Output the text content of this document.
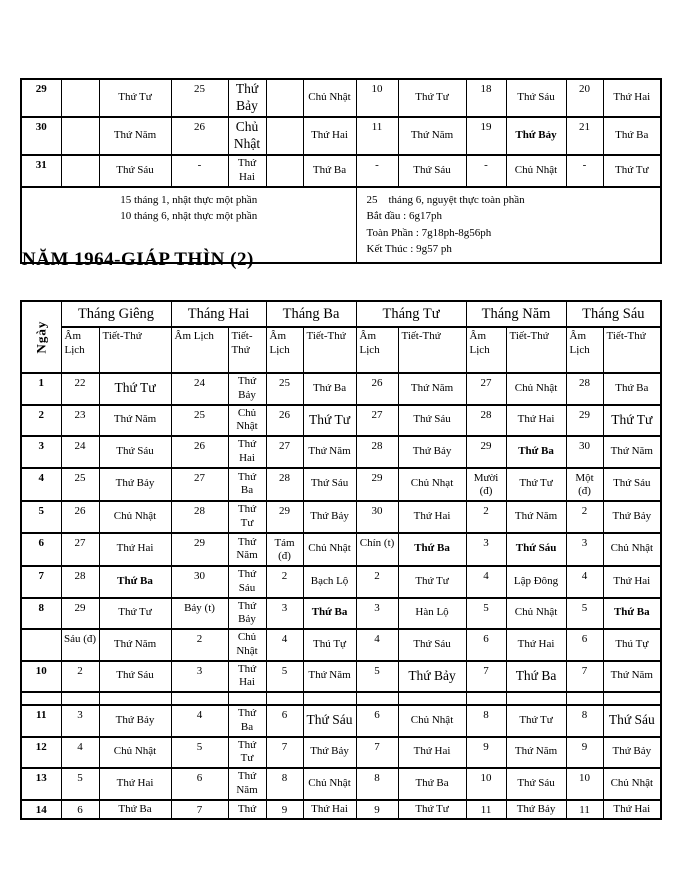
29		Thứ Tư	25	Thứ Bảy		Chủ Nhật	10	Thứ Tư	18	Thứ Sáu	20	Thứ Hai
30		Thứ Năm	26	Chủ Nhật		Thứ Hai	11	Thứ Năm	19	Thứ Bảy	21	Thứ Ba
31		Thứ Sáu	-	Thứ Hai		Thứ Ba	-	Thứ Sáu	-	Chủ Nhật	-	Thứ Tư

15 tháng 1, nhật thực một phần
10 tháng 6, nhật thực một phần

25    tháng 6, nguyệt thực toàn phần
Bắt đầu : 6g17ph
Toàn Phần : 7g18ph-8g56ph
Kết Thúc : 9g57 ph
NĂM 1964-GIÁP THÌN (2)
Ngày	Tháng Giêng		Tháng Hai		Tháng Ba		Tháng Tư		Tháng Năm		Tháng Sáu	
	Âm Lịch	Tiết-Thứ	Âm Lịch	Tiết-Thứ	Âm Lịch	Tiết-Thứ	Âm Lịch	Tiết-Thứ	Âm Lịch	Tiết-Thứ	Âm Lịch	Tiết-Thứ
1	22	Thứ Tư	24	Thứ Bảy	25	Thứ Ba	26	Thứ Năm	27	Chủ Nhật	28	Thứ Ba
2	23	Thứ Năm	25	Chủ Nhật	26	Thứ Tư	27	Thứ Sáu	28	Thứ Hai	29	Thứ Tư
3	24	Thứ Sáu	26	Thứ Hai	27	Thứ Năm	28	Thứ Bảy	29	Thứ Ba	30	Thứ Năm
4	25	Thứ Bảy	27	Thứ Ba	28	Thứ Sáu	29	Chủ Nhạt	Mười (đ)	Thứ Tư	Một (đ)	Thứ Sáu
5	26	Chủ Nhật	28	Thứ Tư	29	Thứ Bảy	30	Thứ Hai	2	Thứ Năm	2	Thứ Bảy
6	27	Thứ Hai	29	Thứ Năm	Tám (đ)	Chủ Nhật	Chín (t)	Thứ Ba	3	Thứ Sáu	3	Chủ Nhật
7	28	Thứ Ba	30	Thứ Sáu	2	Bạch Lộ	2	Thứ Tư	4	Lập Đông	4	Thứ Hai
8	29	Thứ Tư	Bảy (t)	Thứ Bảy	3	Thứ Ba	3	Hàn Lộ	5	Chủ Nhật	5	Thứ Ba
	Sáu (đ)	Thứ Năm	2	Chủ Nhật	4	Thú Tự	4	Thứ Sáu	6	Thứ Hai	6	Thú Tự
10	2	Thứ Sáu	3	Thứ Hai	5	Thứ Năm	5	Thứ Bảy	7	Thứ Ba	7	Thứ Năm

11	3	Thứ Bảy	4	Thứ Ba	6	Thứ Sáu	6	Chủ Nhật	8	Thứ Tư	8	Thứ Sáu
12	4	Chủ Nhật	5	Thứ Tư	7	Thứ Bảy	7	Thứ Hai	9	Thứ Năm	9	Thứ Bảy
13	5	Thứ Hai	6	Thứ Năm	8	Chủ Nhật	8	Thứ Ba	10	Thứ Sáu	10	Chủ Nhật
14	6	Thứ Ba	7	Thứ	9	Thứ Hai	9	Thứ Tư	11	Thứ Bảy	11	Thứ Hai
